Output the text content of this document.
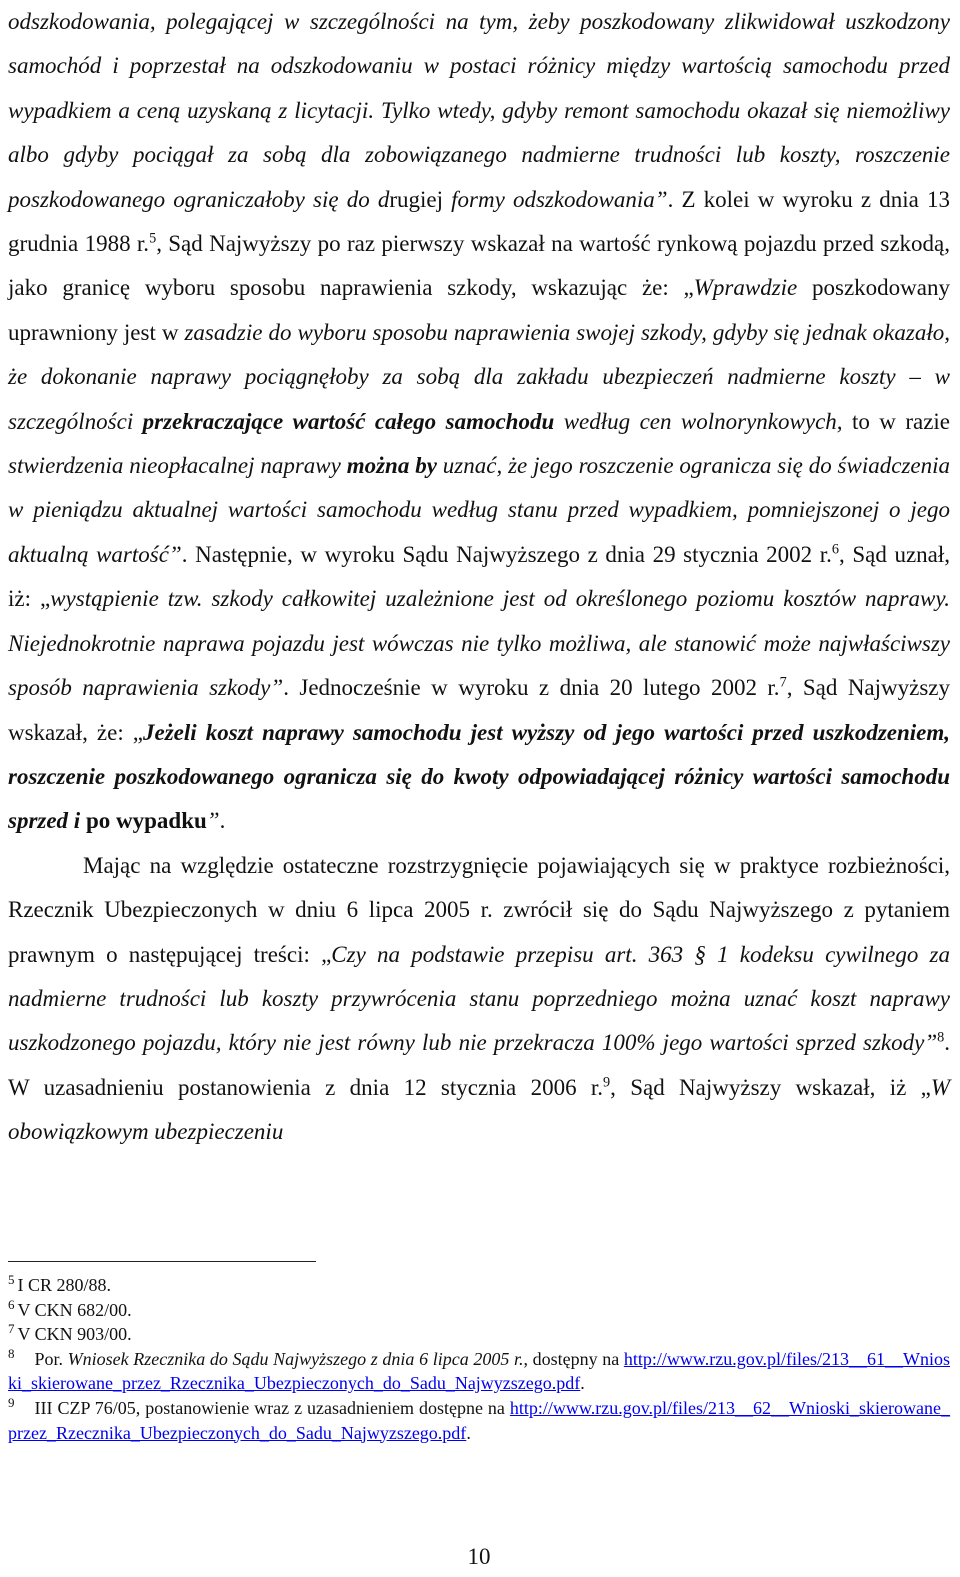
odszkodowania, polegającej w szczególności na tym, żeby poszkodowany zlikwidował uszkodzony samochód i poprzestał na odszkodowaniu w postaci różnicy między wartością samochodu przed wypadkiem a ceną uzyskaną z licytacji. Tylko wtedy, gdyby remont samochodu okazał się niemożliwy albo gdyby pociągał za sobą dla zobowiązanego nadmierne trudności lub koszty, roszczenie poszkodowanego ograniczałoby się do drugiej formy odszkodowania”. Z kolei w wyroku z dnia 13 grudnia 1988 r.$^5$, Sąd Najwyższy po raz pierwszy wskazał na wartość rynkową pojazdu przed szkodą, jako granicę wyboru sposobu naprawienia szkody, wskazując że: „Wprawdzie poszkodowany uprawniony jest w zasadzie do wyboru sposobu naprawienia swojej szkody, gdyby się jednak okazało, że dokonanie naprawy pociągnęłoby za sobą dla zakładu ubezpieczeń nadmierne koszty – w szczególności przekraczające wartość całego samochodu według cen wolnorynkowych, to w razie stwierdzenia nieopłacalnej naprawy można by uznać, że jego roszczenie ogranicza się do świadczenia w pieniądzu aktualnej wartości samochodu według stanu przed wypadkiem, pomniejszonej o jego aktualną wartość”. Następnie, w wyroku Sądu Najwyższego z dnia 29 stycznia 2002 r.$^6$, Sąd uznał, iż: „wystąpienie tzw. szkody całkowitej uzależnione jest od określonego poziomu kosztów naprawy. Niejednokrotnie naprawa pojazdu jest wówczas nie tylko możliwa, ale stanowić może najwłaściwszy sposób naprawienia szkody”. Jednocześnie w wyroku z dnia 20 lutego 2002 r.$^7$, Sąd Najwyższy wskazał, że: „Jeżeli koszt naprawy samochodu jest wyższy od jego wartości przed uszkodzeniem, roszczenie poszkodowanego ogranicza się do kwoty odpowiadającej różnicy wartości samochodu sprzed i po wypadku”.

Mając na względzie ostateczne rozstrzygnięcie pojawiających się w praktyce rozbieżności, Rzecznik Ubezpieczonych w dniu 6 lipca 2005 r. zwrócił się do Sądu Najwyższego z pytaniem prawnym o następującej treści: „Czy na podstawie przepisu art. 363 § 1 kodeksu cywilnego za nadmierne trudności lub koszty przywrócenia stanu poprzedniego można uznać koszt naprawy uszkodzonego pojazdu, który nie jest równy lub nie przekracza 100% jego wartości sprzed szkody”$^8$. W uzasadnieniu postanowienia z dnia 12 stycznia 2006 r.$^9$, Sąd Najwyższy wskazał, iż „W obowiązkowym ubezpieczeniu

$^5$ I CR 280/88.

$^6$ V CKN 682/00.

$^7$ V CKN 903/00.

$^8$ Por. Wniosek Rzecznika do Sądu Najwyższego z dnia 6 lipca 2005 r., dostępny na http://www.rzu.gov.pl/files/213__61__Wnioski_skierowane_przez_Rzecznika_Ubezpieczonych_do_Sadu_Najwyzszego.pdf.

$^9$ III CZP 76/05, postanowienie wraz z uzasadnieniem dostępne na http://www.rzu.gov.pl/files/213__62__Wnioski_skierowane_przez_Rzecznika_Ubezpieczonych_do_Sadu_Najwyzszego.pdf.

10
